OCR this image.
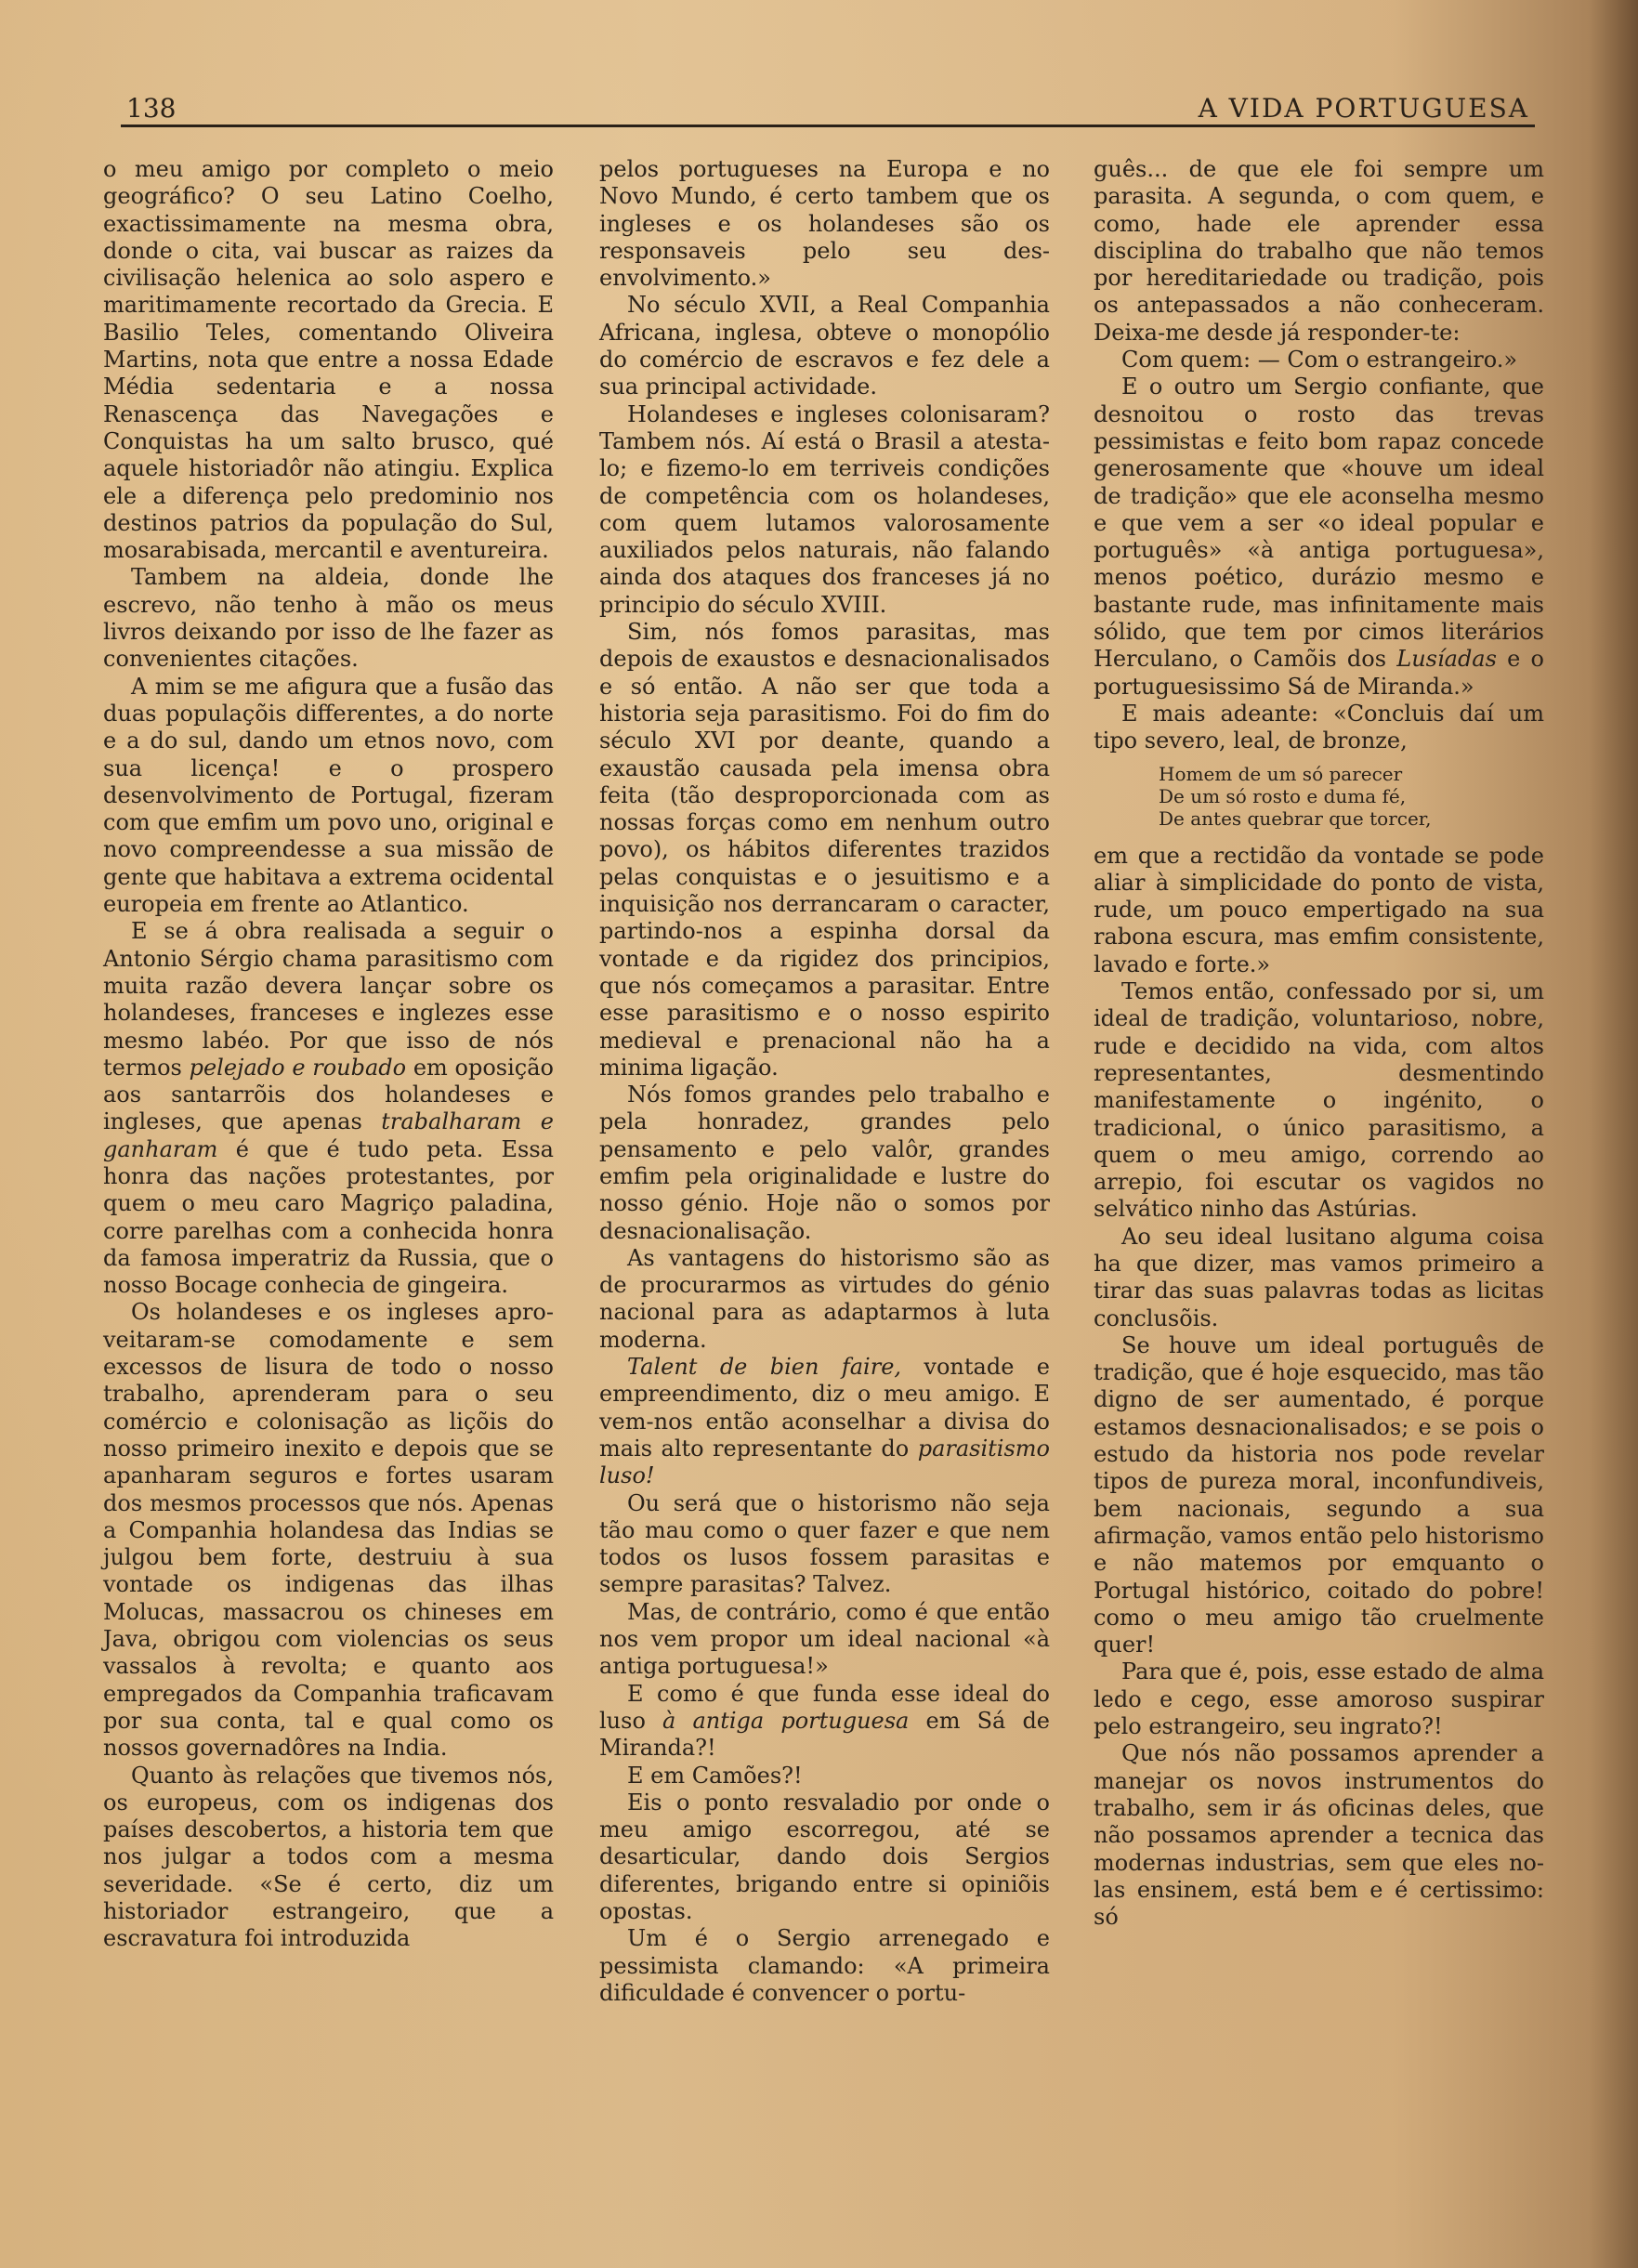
138	A VIDA PORTUGUESA

o meu amigo por completo o meio geográfico? O seu Latino Coelho, exactissimamente na mesma obra, donde o cita, vai buscar as raizes da civilisação helenica ao solo aspero e maritimamente recortado da Grecia. E Basilio Teles, comentando Oliveira Martins, nota que entre a nossa Edade Média sedentaria e a nossa Renascença das Navegações e Conquistas ha um salto brusco, qué aquele historiadôr não atingiu. Explica ele a diferença pelo predominio nos destinos patrios da população do Sul, mosarabisada, mercantil e aventureira.

Tambem na aldeia, donde lhe escrevo, não tenho à mão os meus livros deixando por isso de lhe fazer as convenientes citações.

A mim se me afigura que a fusão das duas populaçõis differentes, a do norte e a do sul, dando um etnos novo, com sua licença! e o prospero desenvolvimento de Portugal, fizeram com que emfim um povo uno, original e novo compreendesse a sua missão de gente que habitava a extrema ocidental europeia em frente ao Atlantico.

E se á obra realisada a seguir o Antonio Sérgio chama parasitismo com muita razão devera lançar sobre os holandeses, franceses e inglezes esse mesmo labéo. Por que isso de nós termos pelejado e roubado em oposição aos santarrõis dos holandeses e ingleses, que apenas trabalharam e ganharam é que é tudo peta. Essa honra das nações protestantes, por quem o meu caro Magriço paladina, corre parelhas com a conhecida honra da famosa imperatriz da Russia, que o nosso Bocage conhecia de gingeira.

Os holandeses e os ingleses aproveitaram-se comodamente e sem excessos de lisura de todo o nosso trabalho, aprenderam para o seu comércio e colonisação as liçõis do nosso primeiro inexito e depois que se apanharam seguros e fortes usaram dos mesmos processos que nós. Apenas a Companhia holandesa das Indias se julgou bem forte, destruiu à sua vontade os indigenas das ilhas Molucas, massacrou os chineses em Java, obrigou com violencias os seus vassalos à revolta; e quanto aos empregados da Companhia traficavam por sua conta, tal e qual como os nossos governadôres na India.

Quanto às relações que tivemos nós, os europeus, com os indigenas dos países descobertos, a historia tem que nos julgar a todos com a mesma severidade. «Se é certo, diz um historiador estrangeiro, que a escravatura foi introduzida

pelos portugueses na Europa e no Novo Mundo, é certo tambem que os ingleses e os holandeses são os responsaveis pelo seu desenvolvimento.»

No século XVII, a Real Companhia Africana, inglesa, obteve o monopólio do comércio de escravos e fez dele a sua principal actividade.

Holandeses e ingleses colonisaram? Tambem nós. Aí está o Brasil a atesta-lo; e fizemo-lo em terriveis condições de competência com os holandeses, com quem lutamos valorosamente auxiliados pelos naturais, não falando ainda dos ataques dos franceses já no principio do século XVIII.

Sim, nós fomos parasitas, mas depois de exaustos e desnacionalisados e só então. A não ser que toda a historia seja parasitismo. Foi do fim do século XVI por deante, quando a exaustão causada pela imensa obra feita (tão desproporcionada com as nossas forças como em nenhum outro povo), os hábitos diferentes trazidos pelas conquistas e o jesuitismo e a inquisição nos derrancaram o caracter, partindo-nos a espinha dorsal da vontade e da rigidez dos principios, que nós começamos a parasitar. Entre esse parasitismo e o nosso espirito medieval e prenacional não ha a minima ligação.

Nós fomos grandes pelo trabalho e pela honradez, grandes pelo pensamento e pelo valôr, grandes emfim pela originalidade e lustre do nosso génio. Hoje não o somos por desnacionalisação.

As vantagens do historismo são as de procurarmos as virtudes do génio nacional para as adaptarmos à luta moderna.

Talent de bien faire, vontade e empreendimento, diz o meu amigo. E vem-nos então aconselhar a divisa do mais alto representante do parasitismo luso!

Ou será que o historismo não seja tão mau como o quer fazer e que nem todos os lusos fossem parasitas e sempre parasitas? Talvez.

Mas, de contrário, como é que então nos vem propor um ideal nacional «à antiga portuguesa!»

E como é que funda esse ideal do luso à antiga portuguesa em Sá de Miranda?!

E em Camões?!

Eis o ponto resvaladio por onde o meu amigo escorregou, até se desarticular, dando dois Sergios diferentes, brigando entre si opiniõis opostas.

Um é o Sergio arrenegado e pessimista clamando: «A primeira dificuldade é convencer o portu-

guês... de que ele foi sempre um parasita. A segunda, o com quem, e como, hade ele aprender essa disciplina do trabalho que não temos por hereditariedade ou tradição, pois os antepassados a não conheceram. Deixa-me desde já responder-te:

Com quem: — Com o estrangeiro.»

E o outro um Sergio confiante, que desnoitou o rosto das trevas pessimistas e feito bom rapaz concede generosamente que «houve um ideal de tradição» que ele aconselha mesmo e que vem a ser «o ideal popular e português» «à antiga portuguesa», menos poético, durázio mesmo e bastante rude, mas infinitamente mais sólido, que tem por cimos literários Herculano, o Camõis dos Lusíadas e o portuguesissimo Sá de Miranda.»

E mais adeante: «Concluis daí um tipo severo, leal, de bronze,

Homem de um só parecer
De um só rosto e duma fé,
De antes quebrar que torcer,

em que a rectidão da vontade se pode aliar à simplicidade do ponto de vista, rude, um pouco empertigado na sua rabona escura, mas emfim consistente, lavado e forte.»

Temos então, confessado por si, um ideal de tradição, voluntarioso, nobre, rude e decidido na vida, com altos representantes, desmentindo manifestamente o ingénito, o tradicional, o único parasitismo, a quem o meu amigo, correndo ao arrepio, foi escutar os vagidos no selvático ninho das Astúrias.

Ao seu ideal lusitano alguma coisa ha que dizer, mas vamos primeiro a tirar das suas palavras todas as licitas conclusõis.

Se houve um ideal português de tradição, que é hoje esquecido, mas tão digno de ser aumentado, é porque estamos desnacionalisados; e se pois o estudo da historia nos pode revelar tipos de pureza moral, inconfundiveis, bem nacionais, segundo a sua afirmação, vamos então pelo historismo e não matemos por emquanto o Portugal histórico, coitado do pobre! como o meu amigo tão cruelmente quer!

Para que é, pois, esse estado de alma ledo e cego, esse amoroso suspirar pelo estrangeiro, seu ingrato?!

Que nós não possamos aprender a manejar os novos instrumentos do trabalho, sem ir ás oficinas deles, que não possamos aprender a tecnica das modernas industrias, sem que eles no-las ensinem, está bem e é certissimo: só
